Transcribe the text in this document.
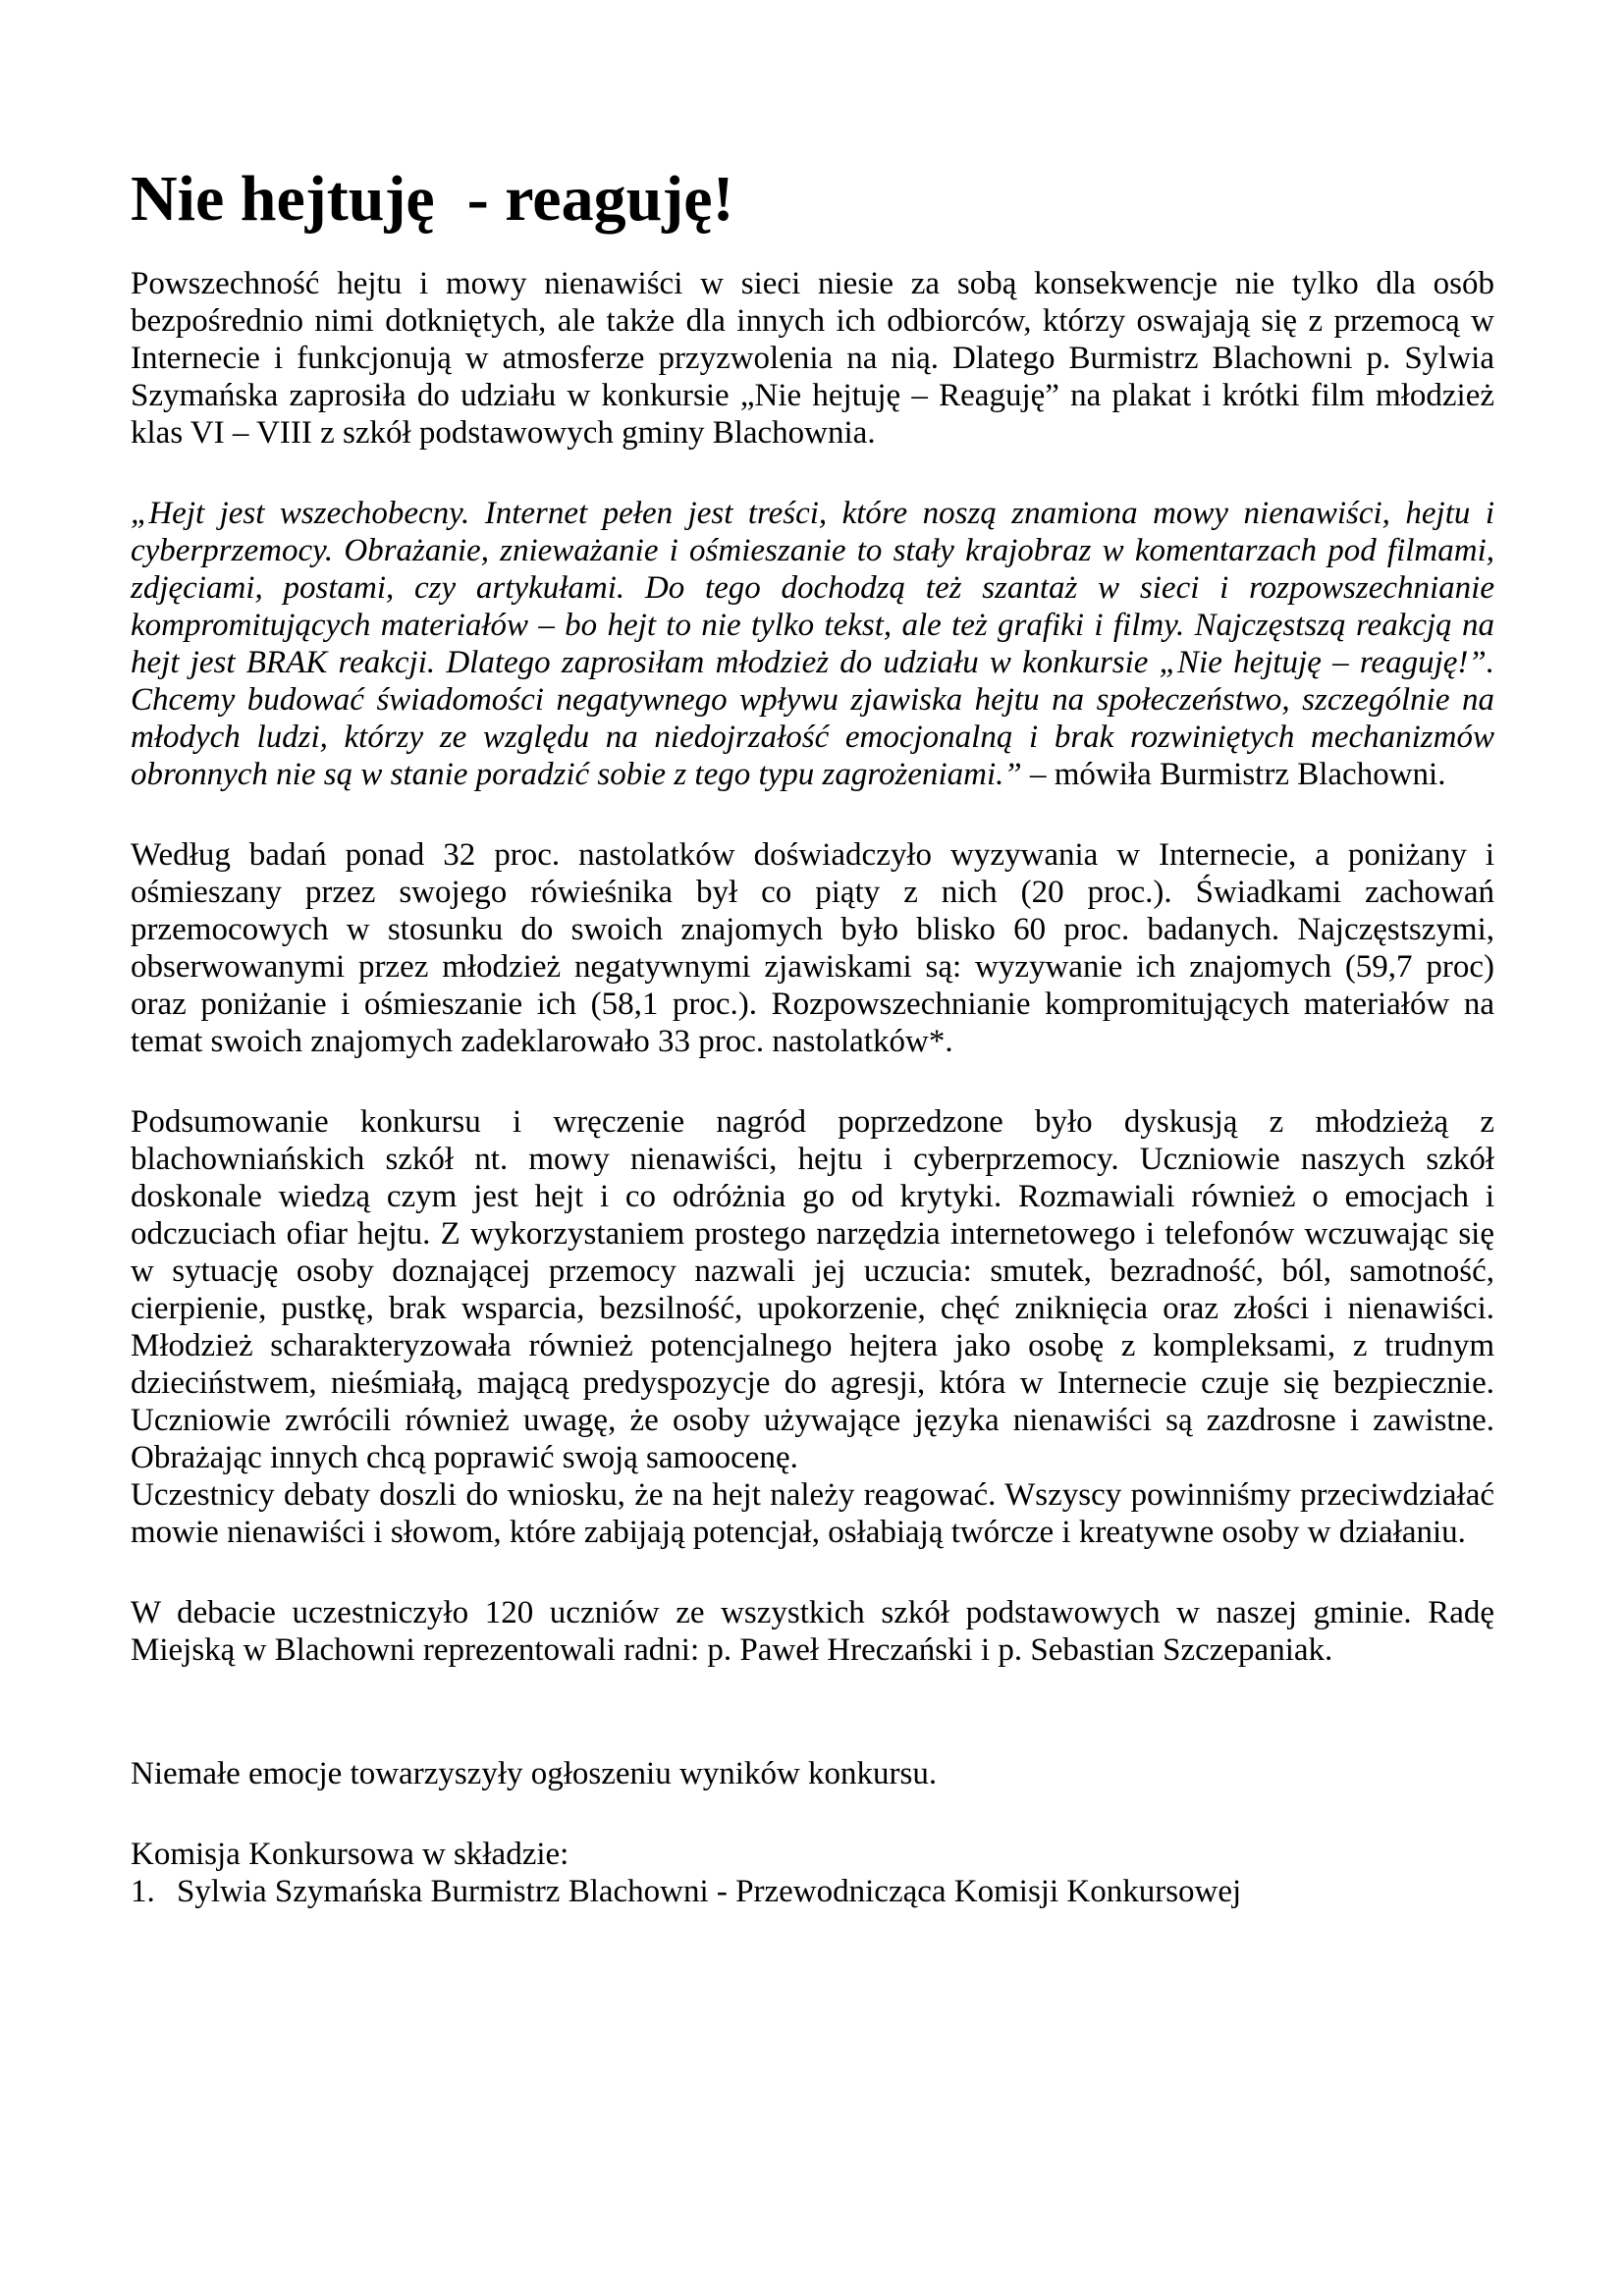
Nie hejtuję  - reaguję!

Powszechność hejtu i mowy nienawiści w sieci niesie za sobą konsekwencje nie tylko dla osób bezpośrednio nimi dotkniętych, ale także dla innych ich odbiorców, którzy oswajają się z przemocą w Internecie i funkcjonują w atmosferze przyzwolenia na nią. Dlatego Burmistrz Blachowni p. Sylwia Szymańska zaprosiła do udziału w konkursie „Nie hejtuję – Reaguję” na plakat i krótki film młodzież klas VI – VIII z szkół podstawowych gminy Blachownia.

„Hejt jest wszechobecny. Internet pełen jest treści, które noszą znamiona mowy nienawiści, hejtu i cyberprzemocy. Obrażanie, znieważanie i ośmieszanie to stały krajobraz w komentarzach pod filmami, zdjęciami, postami, czy artykułami. Do tego dochodzą też szantaż w sieci i rozpowszechnianie kompromitujących materiałów – bo hejt to nie tylko tekst, ale też grafiki i filmy. Najczęstszą reakcją na hejt jest BRAK reakcji. Dlatego zaprosiłam młodzież do udziału w konkursie „Nie hejtuję – reaguję!”. Chcemy budować świadomości negatywnego wpływu zjawiska hejtu na społeczeństwo, szczególnie na młodych ludzi, którzy ze względu na niedojrzałość emocjonalną i brak rozwiniętych mechanizmów obronnych nie są w stanie poradzić sobie z tego typu zagrożeniami.” – mówiła Burmistrz Blachowni.

Według badań ponad 32 proc. nastolatków doświadczyło wyzywania w Internecie, a poniżany i ośmieszany przez swojego rówieśnika był co piąty z nich (20 proc.). Świadkami zachowań przemocowych w stosunku do swoich znajomych było blisko 60 proc. badanych. Najczęstszymi, obserwowanymi przez młodzież negatywnymi zjawiskami są: wyzywanie ich znajomych (59,7 proc) oraz poniżanie i ośmieszanie ich (58,1 proc.). Rozpowszechnianie kompromitujących materiałów na temat swoich znajomych zadeklarowało 33 proc. nastolatków*.

Podsumowanie konkursu i wręczenie nagród poprzedzone było dyskusją z młodzieżą z blachowniańskich szkół nt. mowy nienawiści, hejtu i cyberprzemocy. Uczniowie naszych szkół doskonale wiedzą czym jest hejt i co odróżnia go od krytyki. Rozmawiali również o emocjach i odczuciach ofiar hejtu. Z wykorzystaniem prostego narzędzia internetowego i telefonów wczuwając się w sytuację osoby doznającej przemocy nazwali jej uczucia: smutek, bezradność, ból, samotność, cierpienie, pustkę, brak wsparcia, bezsilność, upokorzenie, chęć zniknięcia oraz złości i nienawiści. Młodzież scharakteryzowała również potencjalnego hejtera jako osobę z kompleksami, z trudnym dzieciństwem, nieśmiałą, mającą predyspozycje do agresji, która w Internecie czuje się bezpiecznie. Uczniowie zwrócili również uwagę, że osoby używające języka nienawiści są zazdrosne i zawistne. Obrażając innych chcą poprawić swoją samoocenę.

Uczestnicy debaty doszli do wniosku, że na hejt należy reagować. Wszyscy powinniśmy przeciwdziałać mowie nienawiści i słowom, które zabijają potencjał, osłabiają twórcze i kreatywne osoby w działaniu.

W debacie uczestniczyło 120 uczniów ze wszystkich szkół podstawowych w naszej gminie. Radę Miejską w Blachowni reprezentowali radni: p. Paweł Hreczański i p. Sebastian Szczepaniak.

Niemałe emocje towarzyszyły ogłoszeniu wyników konkursu.

Komisja Konkursowa w składzie:

1. Sylwia Szymańska Burmistrz Blachowni - Przewodnicząca Komisji Konkursowej
